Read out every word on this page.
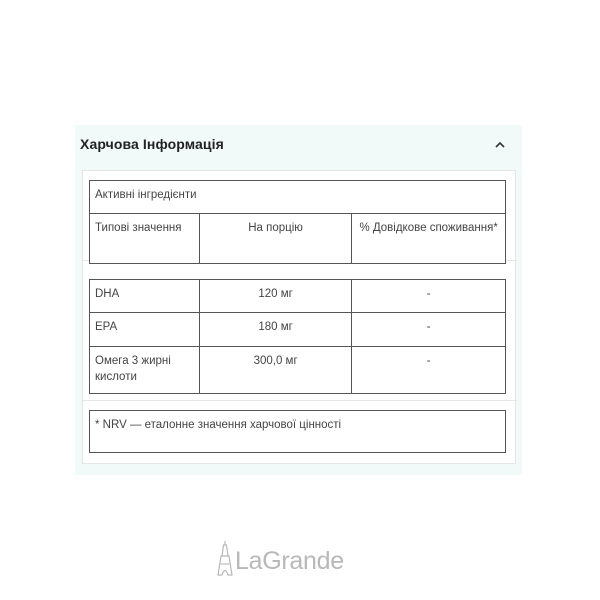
Харчова Інформація
Активні інгредієнти
Типові значення	На порцію	% Довідкове споживання*
DHA	120 мг	-
EPA	180 мг	-
Омега 3 жирні кислоти	300,0 мг	-
* NRV — еталонне значення харчової цінності
LaGrande
